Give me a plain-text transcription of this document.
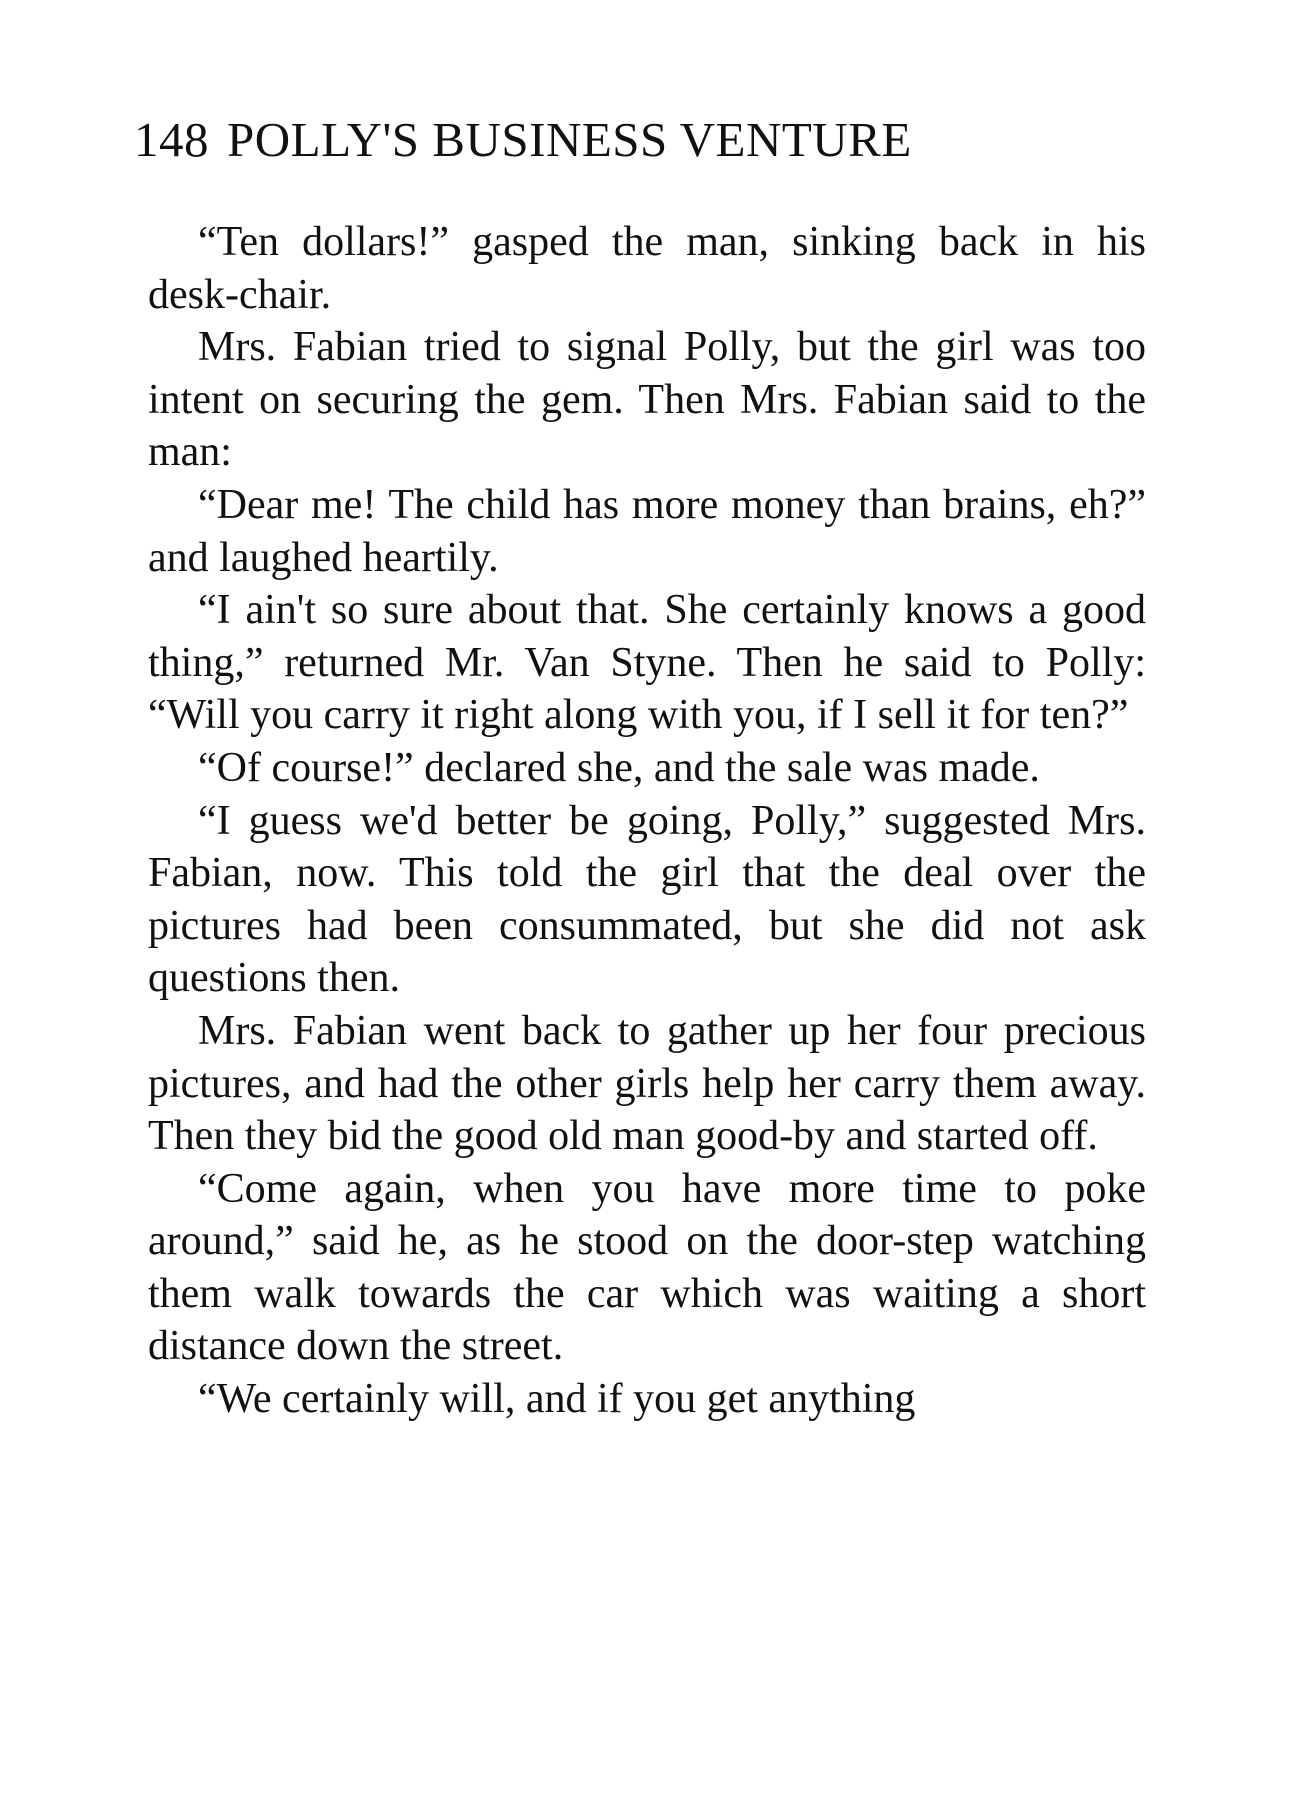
148 POLLY'S BUSINESS VENTURE

“Ten dollars!” gasped the man, sinking back in his desk-chair.

Mrs. Fabian tried to signal Polly, but the girl was too intent on securing the gem. Then Mrs. Fabian said to the man:

“Dear me! The child has more money than brains, eh?” and laughed heartily.

“I ain't so sure about that. She certainly knows a good thing,” returned Mr. Van Styne. Then he said to Polly: “Will you carry it right along with you, if I sell it for ten?”

“Of course!” declared she, and the sale was made.

“I guess we'd better be going, Polly,” suggested Mrs. Fabian, now. This told the girl that the deal over the pictures had been consummated, but she did not ask questions then.

Mrs. Fabian went back to gather up her four precious pictures, and had the other girls help her carry them away. Then they bid the good old man good-by and started off.

“Come again, when you have more time to poke around,” said he, as he stood on the door-step watching them walk towards the car which was waiting a short distance down the street.

“We certainly will, and if you get anything
